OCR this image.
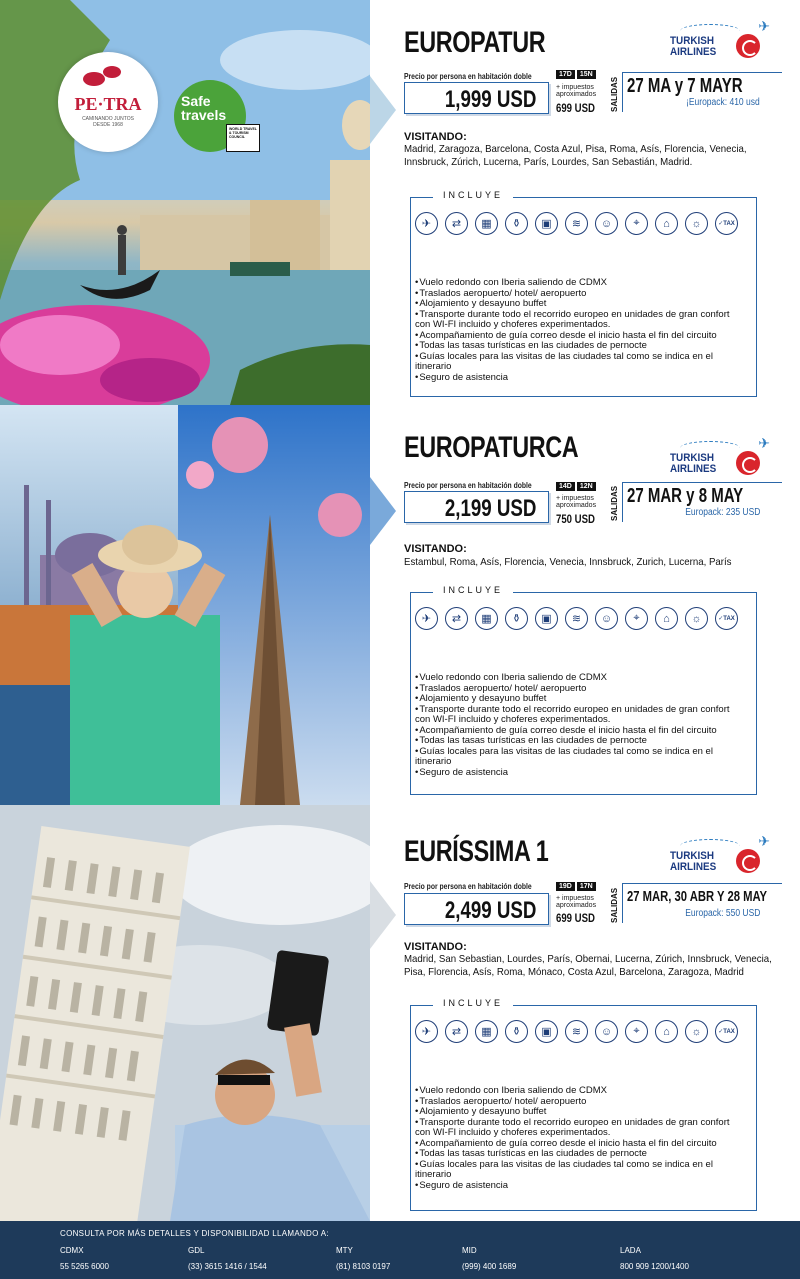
PE·TRA
CAMINANDO JUNTOS DESDE 1968
Safe travels
WORLD TRAVEL & TOURISM COUNCIL
EUROPATUR	✈
TURKISH AIRLINES
Precio por persona en habitación doble
1,999 USD
17D	15N
+ impuestos aproximados
699 USD SALIDAS 27 MA y 7 MAYR
¡Europack: 410 usd
VISITANDO:
Madrid, Zaragoza, Barcelona, Costa Azul, Pisa, Roma, Asís, Florencia, Venecia, Innsbruck, Zúrich, Lucerna, París, Lourdes, San Sebastián, Madrid.
INCLUYE
✈	⇄	▦	⚱	▣	≋	☺	⌖	⌂	☼	✓TAX
• Vuelo redondo con Iberia saliendo de CDMX
• Traslados aeropuerto/ hotel/ aeropuerto
• Alojamiento y desayuno buffet
• Transporte durante todo el recorrido europeo en unidades de gran confort con WI-FI incluido y choferes experimentados.
• Acompañamiento de guía correo desde el inicio hasta el fin del circuito
• Todas las tasas turísticas en las ciudades de pernocte
• Guías locales para las visitas de las ciudades tal como se indica en el itinerario
• Seguro de asistencia
EUROPATURCA	✈
TURKISH AIRLINES
Precio por persona en habitación doble
2,199 USD
14D	12N
+ impuestos aproximados
750 USD SALIDAS 27 MAR y 8 MAY
Europack: 235 USD
VISITANDO:
Estambul, Roma, Asís, Florencia, Venecia, Innsbruck, Zurich, Lucerna, París
INCLUYE
✈	⇄	▦	⚱	▣	≋	☺	⌖	⌂	☼	✓TAX
• Vuelo redondo con Iberia saliendo de CDMX
• Traslados aeropuerto/ hotel/ aeropuerto
• Alojamiento y desayuno buffet
• Transporte durante todo el recorrido europeo en unidades de gran confort con WI-FI incluido y choferes experimentados.
• Acompañamiento de guía correo desde el inicio hasta el fin del circuito
• Todas las tasas turísticas en las ciudades de pernocte
• Guías locales para las visitas de las ciudades tal como se indica en el itinerario
• Seguro de asistencia
EURÍSSIMA 1	✈
TURKISH AIRLINES
Precio por persona en habitación doble
2,499 USD
19D	17N
+ impuestos aproximados
699 USD SALIDAS 27 MAR, 30 ABR Y 28 MAY
Europack: 550 USD
VISITANDO:
Madrid, San Sebastian, Lourdes, París, Obernai, Lucerna, Zúrich, Innsbruck, Venecia, Pisa, Florencia, Asís, Roma, Mónaco, Costa Azul, Barcelona, Zaragoza, Madrid
INCLUYE
✈	⇄	▦	⚱	▣	≋	☺	⌖	⌂	☼	✓TAX
• Vuelo redondo con Iberia saliendo de CDMX
• Traslados aeropuerto/ hotel/ aeropuerto
• Alojamiento y desayuno buffet
• Transporte durante todo el recorrido europeo en unidades de gran confort con WI-FI incluido y choferes experimentados.
• Acompañamiento de guía correo desde el inicio hasta el fin del circuito
• Todas las tasas turísticas en las ciudades de pernocte
• Guías locales para las visitas de las ciudades tal como se indica en el itinerario
• Seguro de asistencia
CONSULTA POR MÁS DETALLES Y DISPONIBILIDAD LLAMANDO A:
CDMX
55 5265 6000
GDL
(33) 3615 1416 / 1544
MTY
(81) 8103 0197
MID
(999) 400 1689
LADA
800 909 1200/1400
